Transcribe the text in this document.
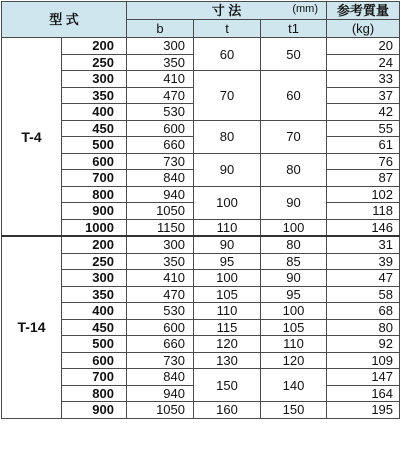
型 式		寸 法 (mm)			参考質量
		b	t	t1	(kg)
T-4	200	300	60	50	20
	250	350			24
	300	410	70	60	33
	350	470			37
	400	530			42
	450	600	80	70	55
	500	660			61
	600	730	90	80	76
	700	840			87
	800	940	100	90	102
	900	1050			118
	1000	1150	110	100	146
T-14	200	300	90	80	31
	250	350	95	85	39
	300	410	100	90	47
	350	470	105	95	58
	400	530	110	100	68
	450	600	115	105	80
	500	660	120	110	92
	600	730	130	120	109
	700	840	150	140	147
	800	940			164
	900	1050	160	150	195
